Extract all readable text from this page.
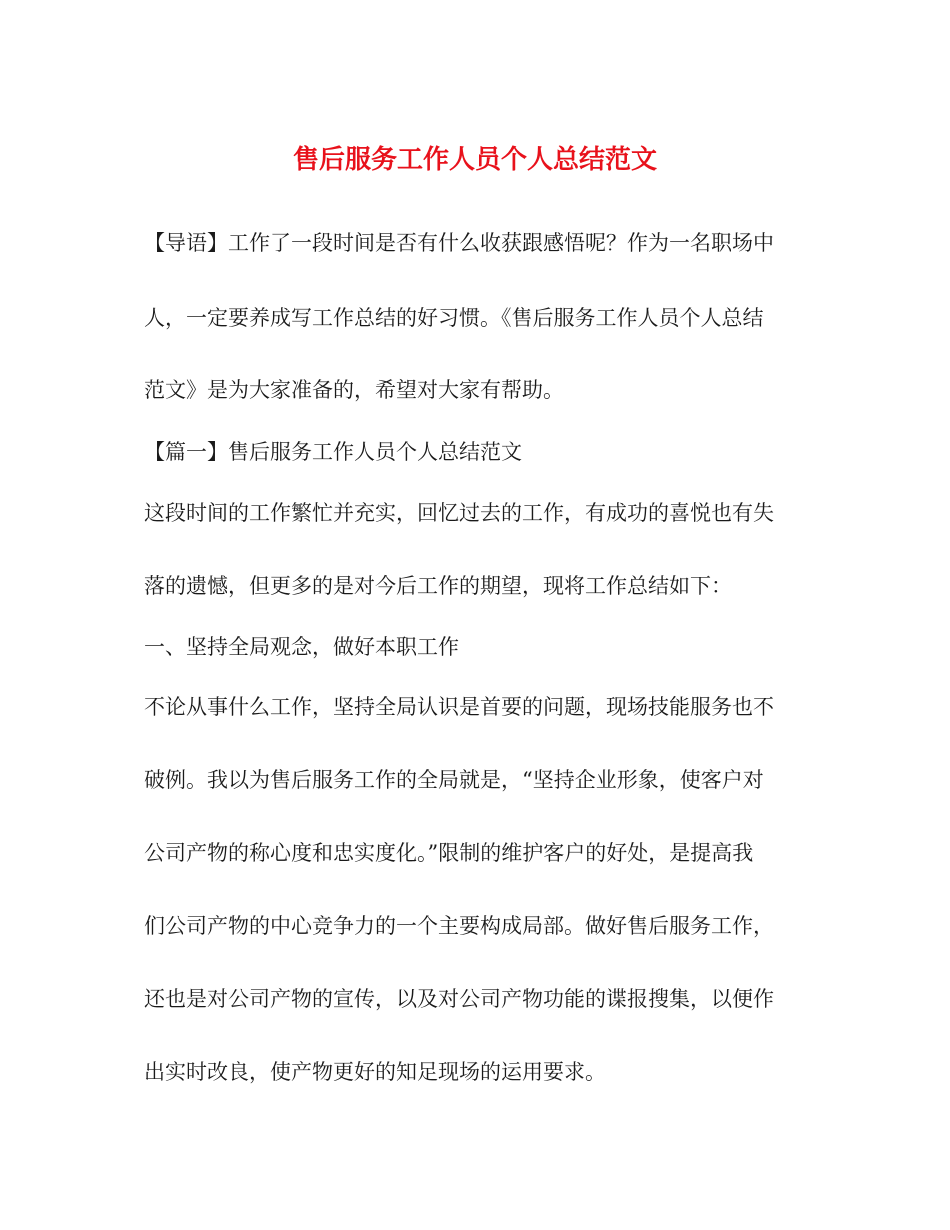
售后服务工作人员个人总结范文

【导语】工作了一段时间是否有什么收获跟感悟呢？作为一名职场中

人，一定要养成写工作总结的好习惯。《售后服务工作人员个人总结

范文》是为大家准备的，希望对大家有帮助。

【篇一】售后服务工作人员个人总结范文

这段时间的工作繁忙并充实，回忆过去的工作，有成功的喜悦也有失

落的遗憾，但更多的是对今后工作的期望，现将工作总结如下：

一、坚持全局观念，做好本职工作

不论从事什么工作，坚持全局认识是首要的问题，现场技能服务也不

破例。我以为售后服务工作的全局就是，“坚持企业形象，使客户对

公司产物的称心度和忠实度化。”限制的维护客户的好处，是提高我

们公司产物的中心竞争力的一个主要构成局部。做好售后服务工作，

还也是对公司产物的宣传，以及对公司产物功能的谍报搜集，以便作

出实时改良，使产物更好的知足现场的运用要求。
